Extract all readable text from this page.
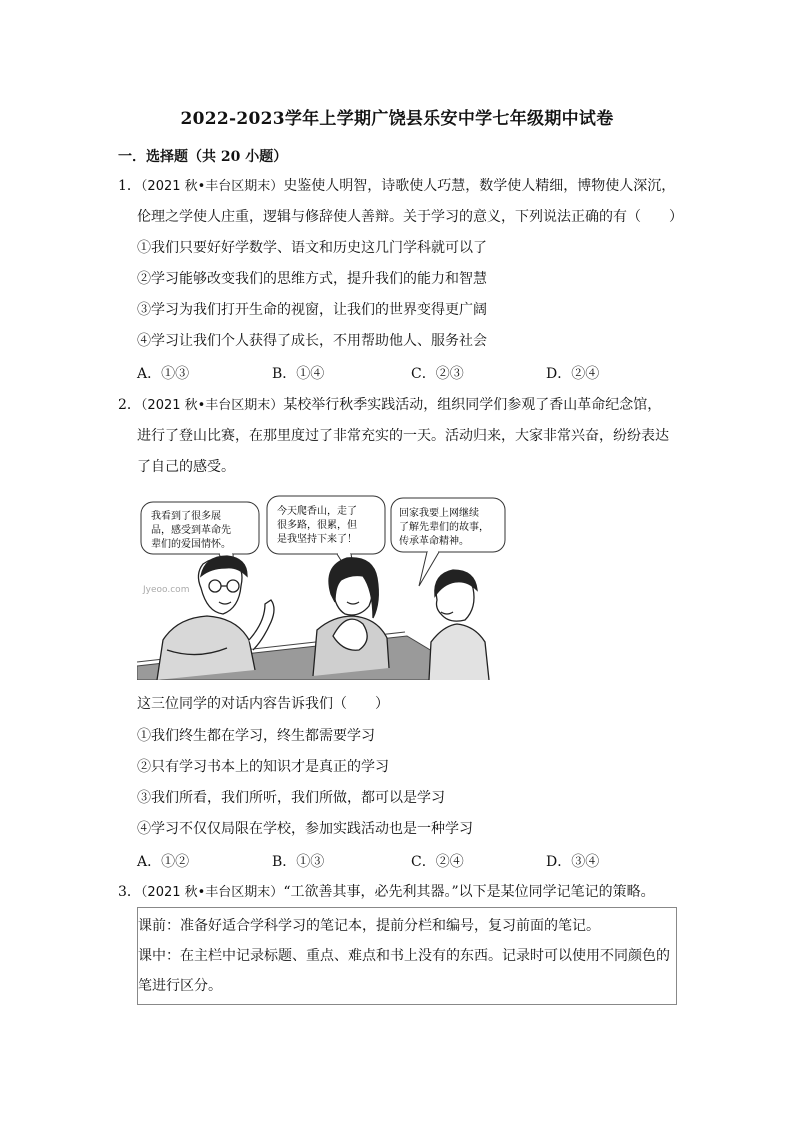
2022-2023学年上学期广饶县乐安中学七年级期中试卷
一．选择题（共 20 小题）
1．（2021 秋•丰台区期末）史鉴使人明智，诗歌使人巧慧，数学使人精细，博物使人深沉，
伦理之学使人庄重，逻辑与修辞使人善辩。关于学习的意义，下列说法正确的有（　　）
①我们只要好好学数学、语文和历史这几门学科就可以了
②学习能够改变我们的思维方式，提升我们的能力和智慧
③学习为我们打开生命的视窗，让我们的世界变得更广阔
④学习让我们个人获得了成长，不用帮助他人、服务社会
A．①③	B．①④	C．②③	D．②④
2．（2021 秋•丰台区期末）某校举行秋季实践活动，组织同学们参观了香山革命纪念馆，
进行了登山比赛，在那里度过了非常充实的一天。活动归来，大家非常兴奋，纷纷表达
了自己的感受。
我看到了很多展
品，感受到革命先
辈们的爱国情怀。
今天爬香山，走了
很多路，很累，但
是我坚持下来了！
回家我要上网继续
了解先辈们的故事，
传承革命精神。
Jyeoo.com
这三位同学的对话内容告诉我们（　　）
①我们终生都在学习，终生都需要学习
②只有学习书本上的知识才是真正的学习
③我们所看，我们所听，我们所做，都可以是学习
④学习不仅仅局限在学校，参加实践活动也是一种学习
A．①②	B．①③	C．②④	D．③④
3．（2021 秋•丰台区期末）“工欲善其事，必先利其器。”以下是某位同学记笔记的策略。
课前：准备好适合学科学习的笔记本，提前分栏和编号，复习前面的笔记。
课中：在主栏中记录标题、重点、难点和书上没有的东西。记录时可以使用不同颜色的
笔进行区分。
